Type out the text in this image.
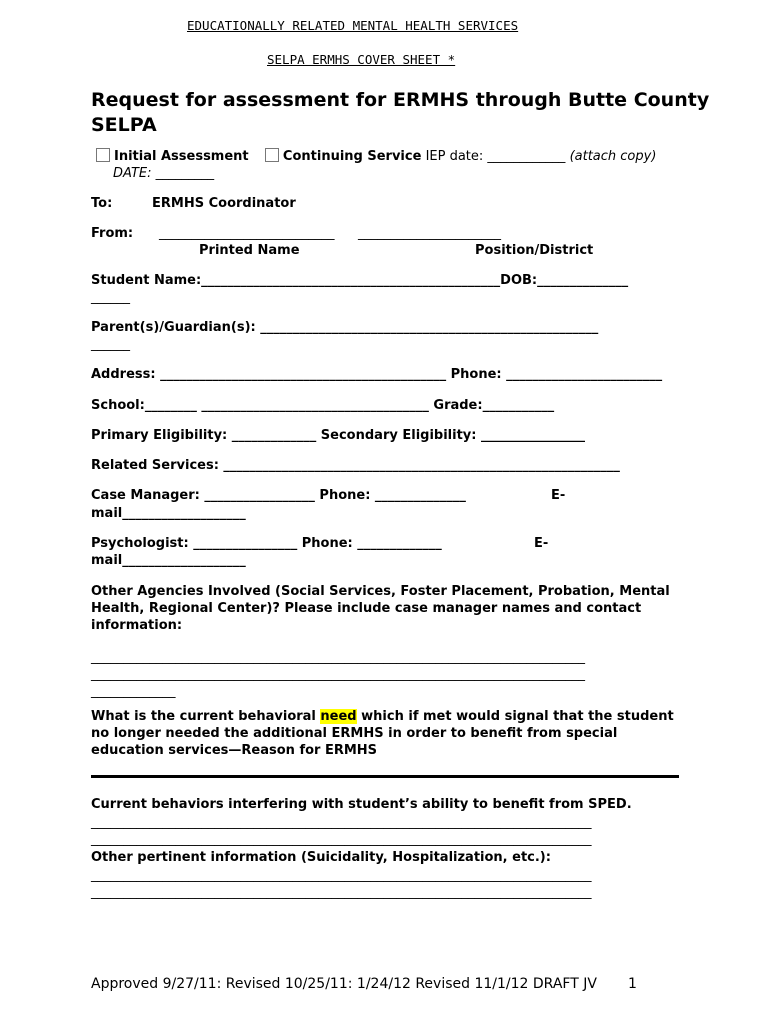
EDUCATIONALLY RELATED MENTAL HEALTH SERVICES
SELPA ERMHS COVER SHEET *
Request for assessment for ERMHS through Butte County
SELPA
Initial Assessment	Continuing Service IEP date: ____________ (attach copy)
DATE: _________
To:	ERMHS Coordinator
From: ___________________________ ______________________
Printed Name	Position/District
Student Name:______________________________________________DOB:______________
______
Parent(s)/Guardian(s): ____________________________________________________
______
Address: ____________________________________________ Phone: ________________________
School:________ ___________________________________ Grade:___________
Primary Eligibility: _____________ Secondary Eligibility: ________________
Related Services: _____________________________________________________________
Case Manager: _________________ Phone: ______________	E-
mail___________________
Psychologist: ________________ Phone: _____________	E-
mail___________________
Other Agencies Involved (Social Services, Foster Placement, Probation, Mental Health, Regional Center)? Please include case manager names and contact information:
____________________________________________________________________________
____________________________________________________________________________
_____________
What is the current behavioral need which if met would signal that the student no longer needed the additional ERMHS in order to benefit from special education services—Reason for ERMHS
Current behaviors interfering with student’s ability to benefit from SPED.
_____________________________________________________________________________
_____________________________________________________________________________
Other pertinent information (Suicidality, Hospitalization, etc.):
_____________________________________________________________________________
_____________________________________________________________________________
Approved 9/27/11: Revised 10/25/11: 1/24/12 Revised 11/1/12 DRAFT JV 1
